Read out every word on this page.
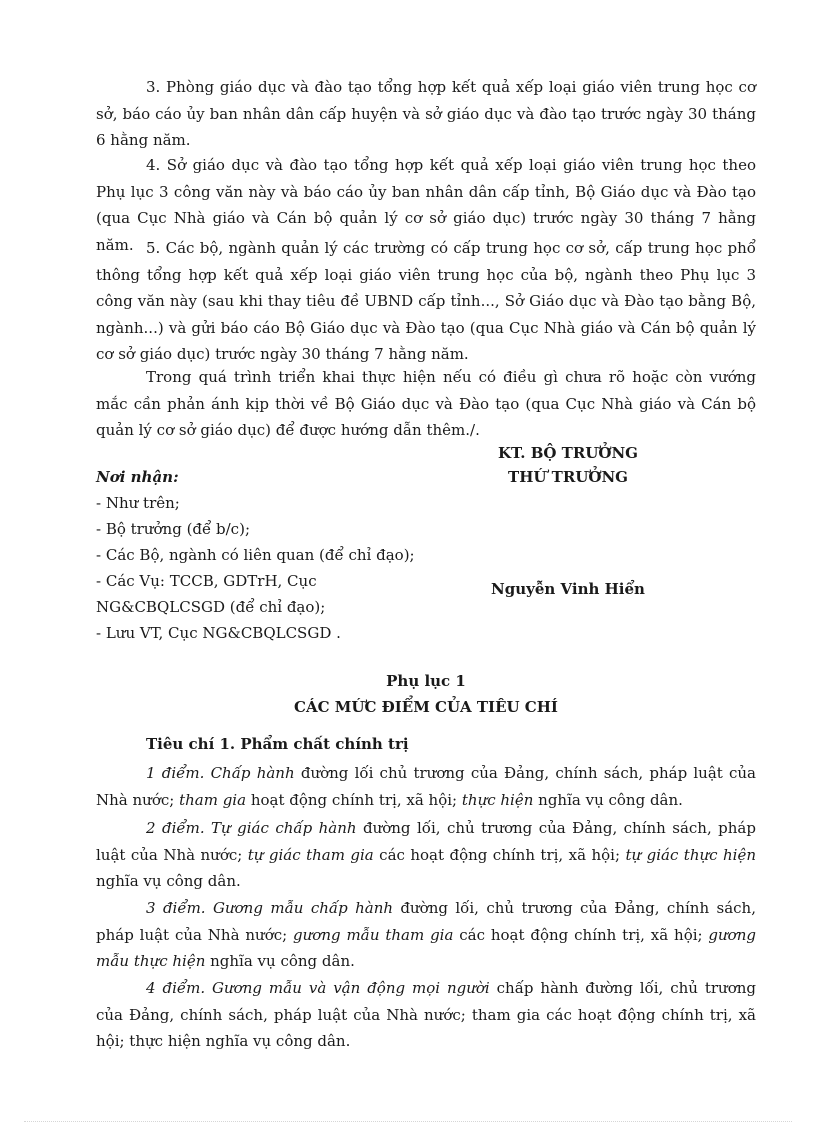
3. Phòng giáo dục và đào tạo tổng hợp kết quả xếp loại giáo viên trung học cơ sở, báo cáo ủy ban nhân dân cấp huyện và sở giáo dục và đào tạo trước ngày 30 tháng 6 hằng năm.

4. Sở giáo dục và đào tạo tổng hợp kết quả xếp loại giáo viên trung học theo Phụ lục 3 công văn này và báo cáo ủy ban nhân dân cấp tỉnh, Bộ Giáo dục và Đào tạo (qua Cục Nhà giáo và Cán bộ quản lý cơ sở giáo dục) trước ngày 30 tháng 7 hằng năm. 5. Các bộ, ngành quản lý các trường có cấp trung học cơ sở, cấp trung học phổ thông tổng hợp kết quả xếp loại giáo viên trung học của bộ, ngành theo Phụ lục 3 công văn này (sau khi thay tiêu đề UBND cấp tỉnh..., Sở Giáo dục và Đào tạo bằng Bộ, ngành...) và gửi báo cáo Bộ Giáo dục và Đào tạo (qua Cục Nhà giáo và Cán bộ quản lý cơ sở giáo dục) trước ngày 30 tháng 7 hằng năm.

Trong quá trình triển khai thực hiện nếu có điều gì chưa rõ hoặc còn vướng mắc cần phản ánh kịp thời về Bộ Giáo dục và Đào tạo (qua Cục Nhà giáo và Cán bộ quản lý cơ sở giáo dục) để được hướng dẫn thêm./.

KT. BỘ TRƯỞNG
THỨ TRƯỞNG
Nguyễn Vinh Hiển
Nơi nhận:
- Như trên;
- Bộ trưởng (để b/c);
- Các Bộ, ngành có liên quan (để chỉ đạo);
- Các Vụ: TCCB, GDTrH, Cục
NG&CBQLCSGD (để chỉ đạo);
- Lưu VT, Cục NG&CBQLCSGD .
Phụ lục 1
CÁC MỨC ĐIỂM CỦA TIÊU CHÍ
Tiêu chí 1. Phẩm chất chính trị

1 điểm. Chấp hành đường lối chủ trương của Đảng, chính sách, pháp luật của Nhà nước; tham gia hoạt động chính trị, xã hội; thực hiện nghĩa vụ công dân.

2 điểm. Tự giác chấp hành đường lối, chủ trương của Đảng, chính sách, pháp luật của Nhà nước; tự giác tham gia các hoạt động chính trị, xã hội; tự giác thực hiện nghĩa vụ công dân.

3 điểm. Gương mẫu chấp hành đường lối, chủ trương của Đảng, chính sách, pháp luật của Nhà nước; gương mẫu tham gia các hoạt động chính trị, xã hội; gương mẫu thực hiện nghĩa vụ công dân.

4 điểm. Gương mẫu và vận động mọi người chấp hành đường lối, chủ trương của Đảng, chính sách, pháp luật của Nhà nước; tham gia các hoạt động chính trị, xã hội; thực hiện nghĩa vụ công dân.
